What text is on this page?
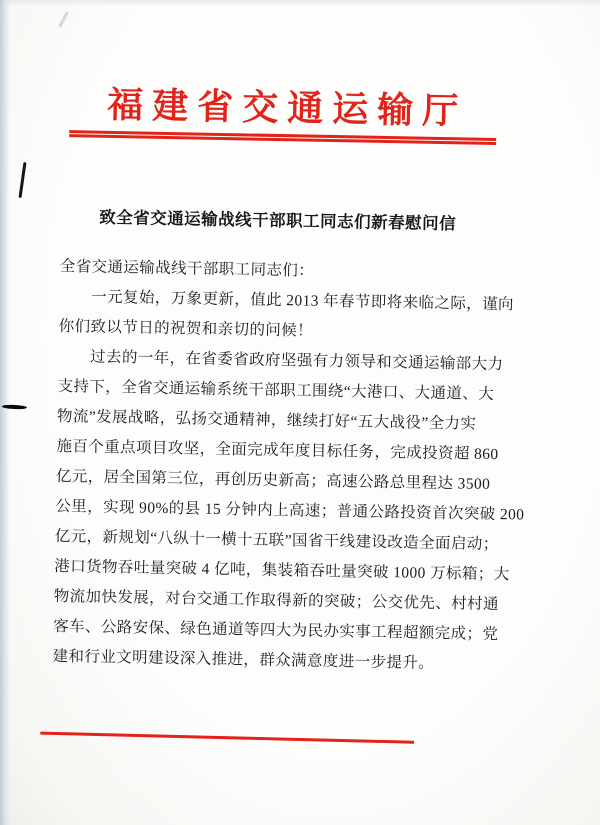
福建省交通运输厅
致全省交通运输战线干部职工同志们新春慰问信
全省交通运输战线干部职工同志们：
一元复始，万象更新，值此 2013 年春节即将来临之际，谨向
你们致以节日的祝贺和亲切的问候！
过去的一年，在省委省政府坚强有力领导和交通运输部大力
支持下，全省交通运输系统干部职工围绕“大港口、大通道、大
物流”发展战略，弘扬交通精神，继续打好“五大战役”全力实
施百个重点项目攻坚，全面完成年度目标任务，完成投资超 860
亿元，居全国第三位，再创历史新高；高速公路总里程达 3500
公里，实现 90%的县 15 分钟内上高速；普通公路投资首次突破 200
亿元，新规划“八纵十一横十五联”国省干线建设改造全面启动；
港口货物吞吐量突破 4 亿吨，集装箱吞吐量突破 1000 万标箱；大
物流加快发展，对台交通工作取得新的突破；公交优先、村村通
客车、公路安保、绿色通道等四大为民办实事工程超额完成；党
建和行业文明建设深入推进，群众满意度进一步提升。
